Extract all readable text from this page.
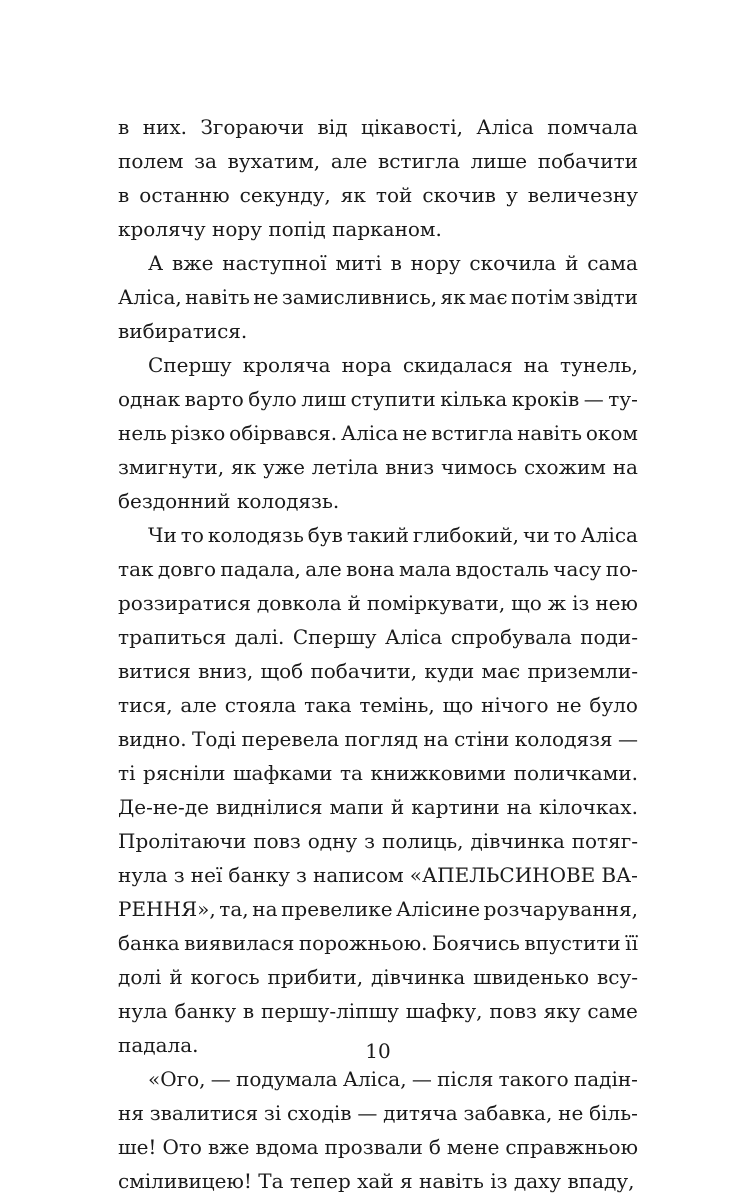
в них. Згораючи від цікавості, Аліса помчала
полем за вухатим, але встигла лише побачити
в останню секунду, як той скочив у величезну
кролячу нору попід парканом.
А вже наступної миті в нору скочила й сама
Аліса, навіть не замисливнись, як має потім звідти
вибиратися.
Спершу кроляча нора скидалася на тунель,
однак варто було лиш ступити кілька кроків — ту-
нель різко обірвався. Аліса не встигла навіть оком
змигнути, як уже летіла вниз чимось схожим на
бездонний колодязь.
Чи то колодязь був такий глибокий, чи то Аліса
так довго падала, але вона мала вдосталь часу по-
роззиратися довкола й поміркувати, що ж із нею
трапиться далі. Спершу Аліса спробувала поди-
витися вниз, щоб побачити, куди має приземли-
тися, але стояла така темінь, що нічого не було
видно. Тоді перевела погляд на стіни колодязя —
ті рясніли шафками та книжковими поличками.
Де-не-де виднілися мапи й картини на кілочках.
Пролітаючи повз одну з полиць, дівчинка потяг-
нула з неї банку з написом «АПЕЛЬСИНОВЕ ВА-
РЕННЯ», та, на превелике Алісине розчарування,
банка виявилася порожньою. Боячись впустити її
долі й когось прибити, дівчинка швиденько всу-
нула банку в першу-ліпшу шафку, повз яку саме
падала.
«Ого, — подумала Аліса, — після такого падін-
ня звалитися зі сходів — дитяча забавка, не біль-
ше! Ото вже вдома прозвали б мене справжньою
сміливицею! Та тепер хай я навіть із даху впаду,
10
